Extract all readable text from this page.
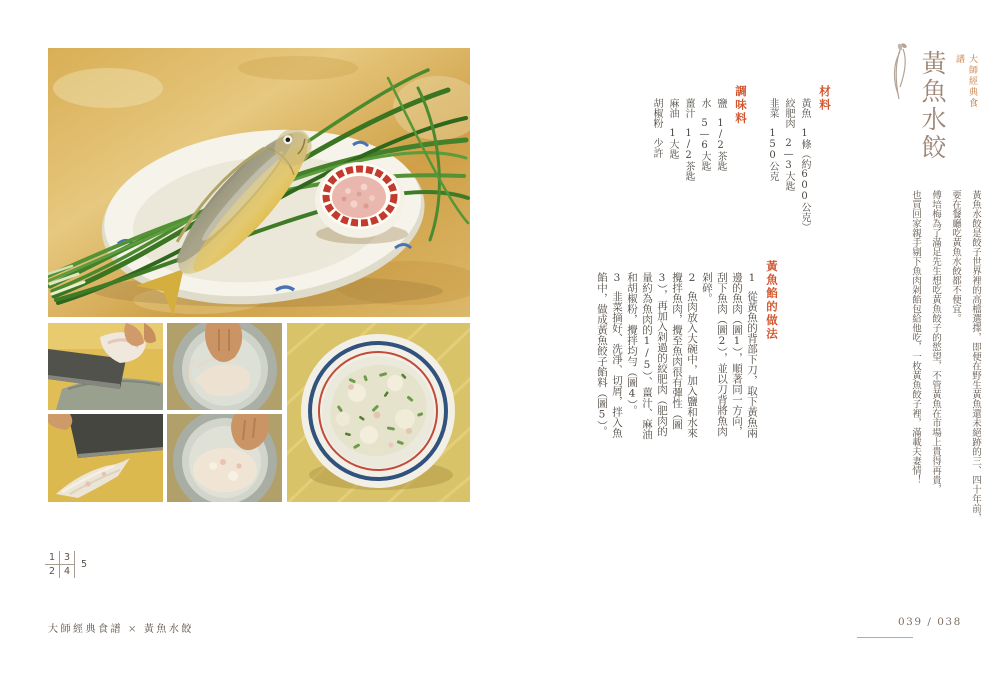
1 3
2 4
5
大師經典食譜 × 黃魚水餃
黃魚水餃	大師經典食譜

黃魚水餃是餃子世界裡的高檔選擇，即便在野生黃魚還未絕跡的三、四十年前，

要在餐廳吃黃魚水餃都不便宜。

傅培梅為了滿足先生想吃黃魚餃子的慾望，不管黃魚在市場上貴得再貴，

也買回家親手剔下魚肉剁餡包給他吃，一枚黃魚餃子裡，滿載夫妻情！

材料

黃魚　1條（約600公克）

絞肥肉　2—3大匙

韭菜　150公克

調味料

鹽　1/2茶匙

水　5—6大匙

薑汁　1/2茶匙

麻油　1大匙

胡椒粉　少許

黃魚餡的做法

1從黃魚的背部下刀，取下黃魚兩邊的魚肉（圖1），順著同一方向，刮下魚肉（圖2），並以刀背將魚肉剁碎。

2魚肉放入大碗中，加入鹽和水來攪拌魚肉，攪至魚肉很有彈性（圖3），再加入剁過的絞肥肉（肥肉的量約為魚肉的1/5）、薑汁、麻油和胡椒粉，攪拌均勻（圖4）。

3韭菜摘好、洗淨、切屑，拌入魚餡中，做成黃魚餃子餡料（圖5）。

039 / 038
